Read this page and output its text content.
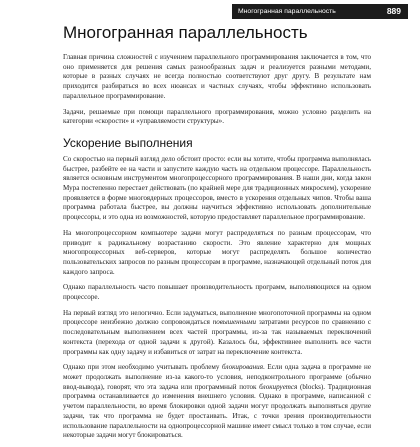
Многогранная параллельность	889
Многогранная параллельность

Главная причина сложностей с изучением параллельного программирования заключается в том, что оно применяется для решения самых разнообразных задач и реализуется разными методами, которые в разных случаях не всегда полностью соответствуют друг другу. В результате нам приходится разбираться во всех нюансах и частных случаях, чтобы эффективно использовать параллельное программирование.

Задачи, решаемые при помощи параллельного программирования, можно условно разделить на категории «скорости» и «управляемости структуры».

Ускорение выполнения

Со скоростью на первый взгляд дело обстоит просто: если вы хотите, чтобы программа выполнялась быстрее, разбейте ее на части и запустите каждую часть на отдельном процессоре. Параллельность является основным инструментом многопроцессорного программирования. В наши дни, когда закон Мура постепенно перестает действовать (по крайней мере для традиционных микросхем), ускорение проявляется в форме многоядерных процессоров, вместо в ускорения отдельных чипов. Чтобы ваша программа работала быстрее, вы должны научиться эффективно использовать дополнительные процессоры, и это одна из возможностей, которую предоставляет параллельное программирование.

На многопроцессорном компьютере задачи могут распределяться по разным процессорам, что приводит к радикальному возрастанию скорости. Это явление характерно для мощных многопроцессорных веб-серверов, которые могут распределять большое количество пользовательских запросов по разным процессорам в программе, назначающей отдельный поток для каждого запроса.

Однако параллельность часто повышает производительность программ, выполняющихся на одном процессоре.

На первый взгляд это нелогично. Если задуматься, выполнение многопоточной программы на одном процессоре неизбежно должно сопровождаться повышенными затратами ресурсов по сравнению с последовательным выполнением всех частей программы, из-за так называемых переключений контекста (перехода от одной задачи к другой). Казалось бы, эффективнее выполнить все части программы как одну задачу и избавиться от затрат на переключение контекста.

Однако при этом необходимо учитывать проблему блокирования. Если одна задача в программе не может продолжать выполнение из-за какого-то условия, неподконтрольного программе (обычно ввод-вывода), говорят, что эта задача или программный поток блокируется (blocks). Традиционная программа останавливается до изменения внешнего условия. Однако в программе, написанной с учетом параллельности, во время блокировки одной задачи могут продолжать выполняться другие задачи, так что программа не будет простаивать. Итак, с точки зрения производительности использование параллельности на однопроцессорной машине имеет смысл только в том случае, если некоторые задачи могут блокироваться.
